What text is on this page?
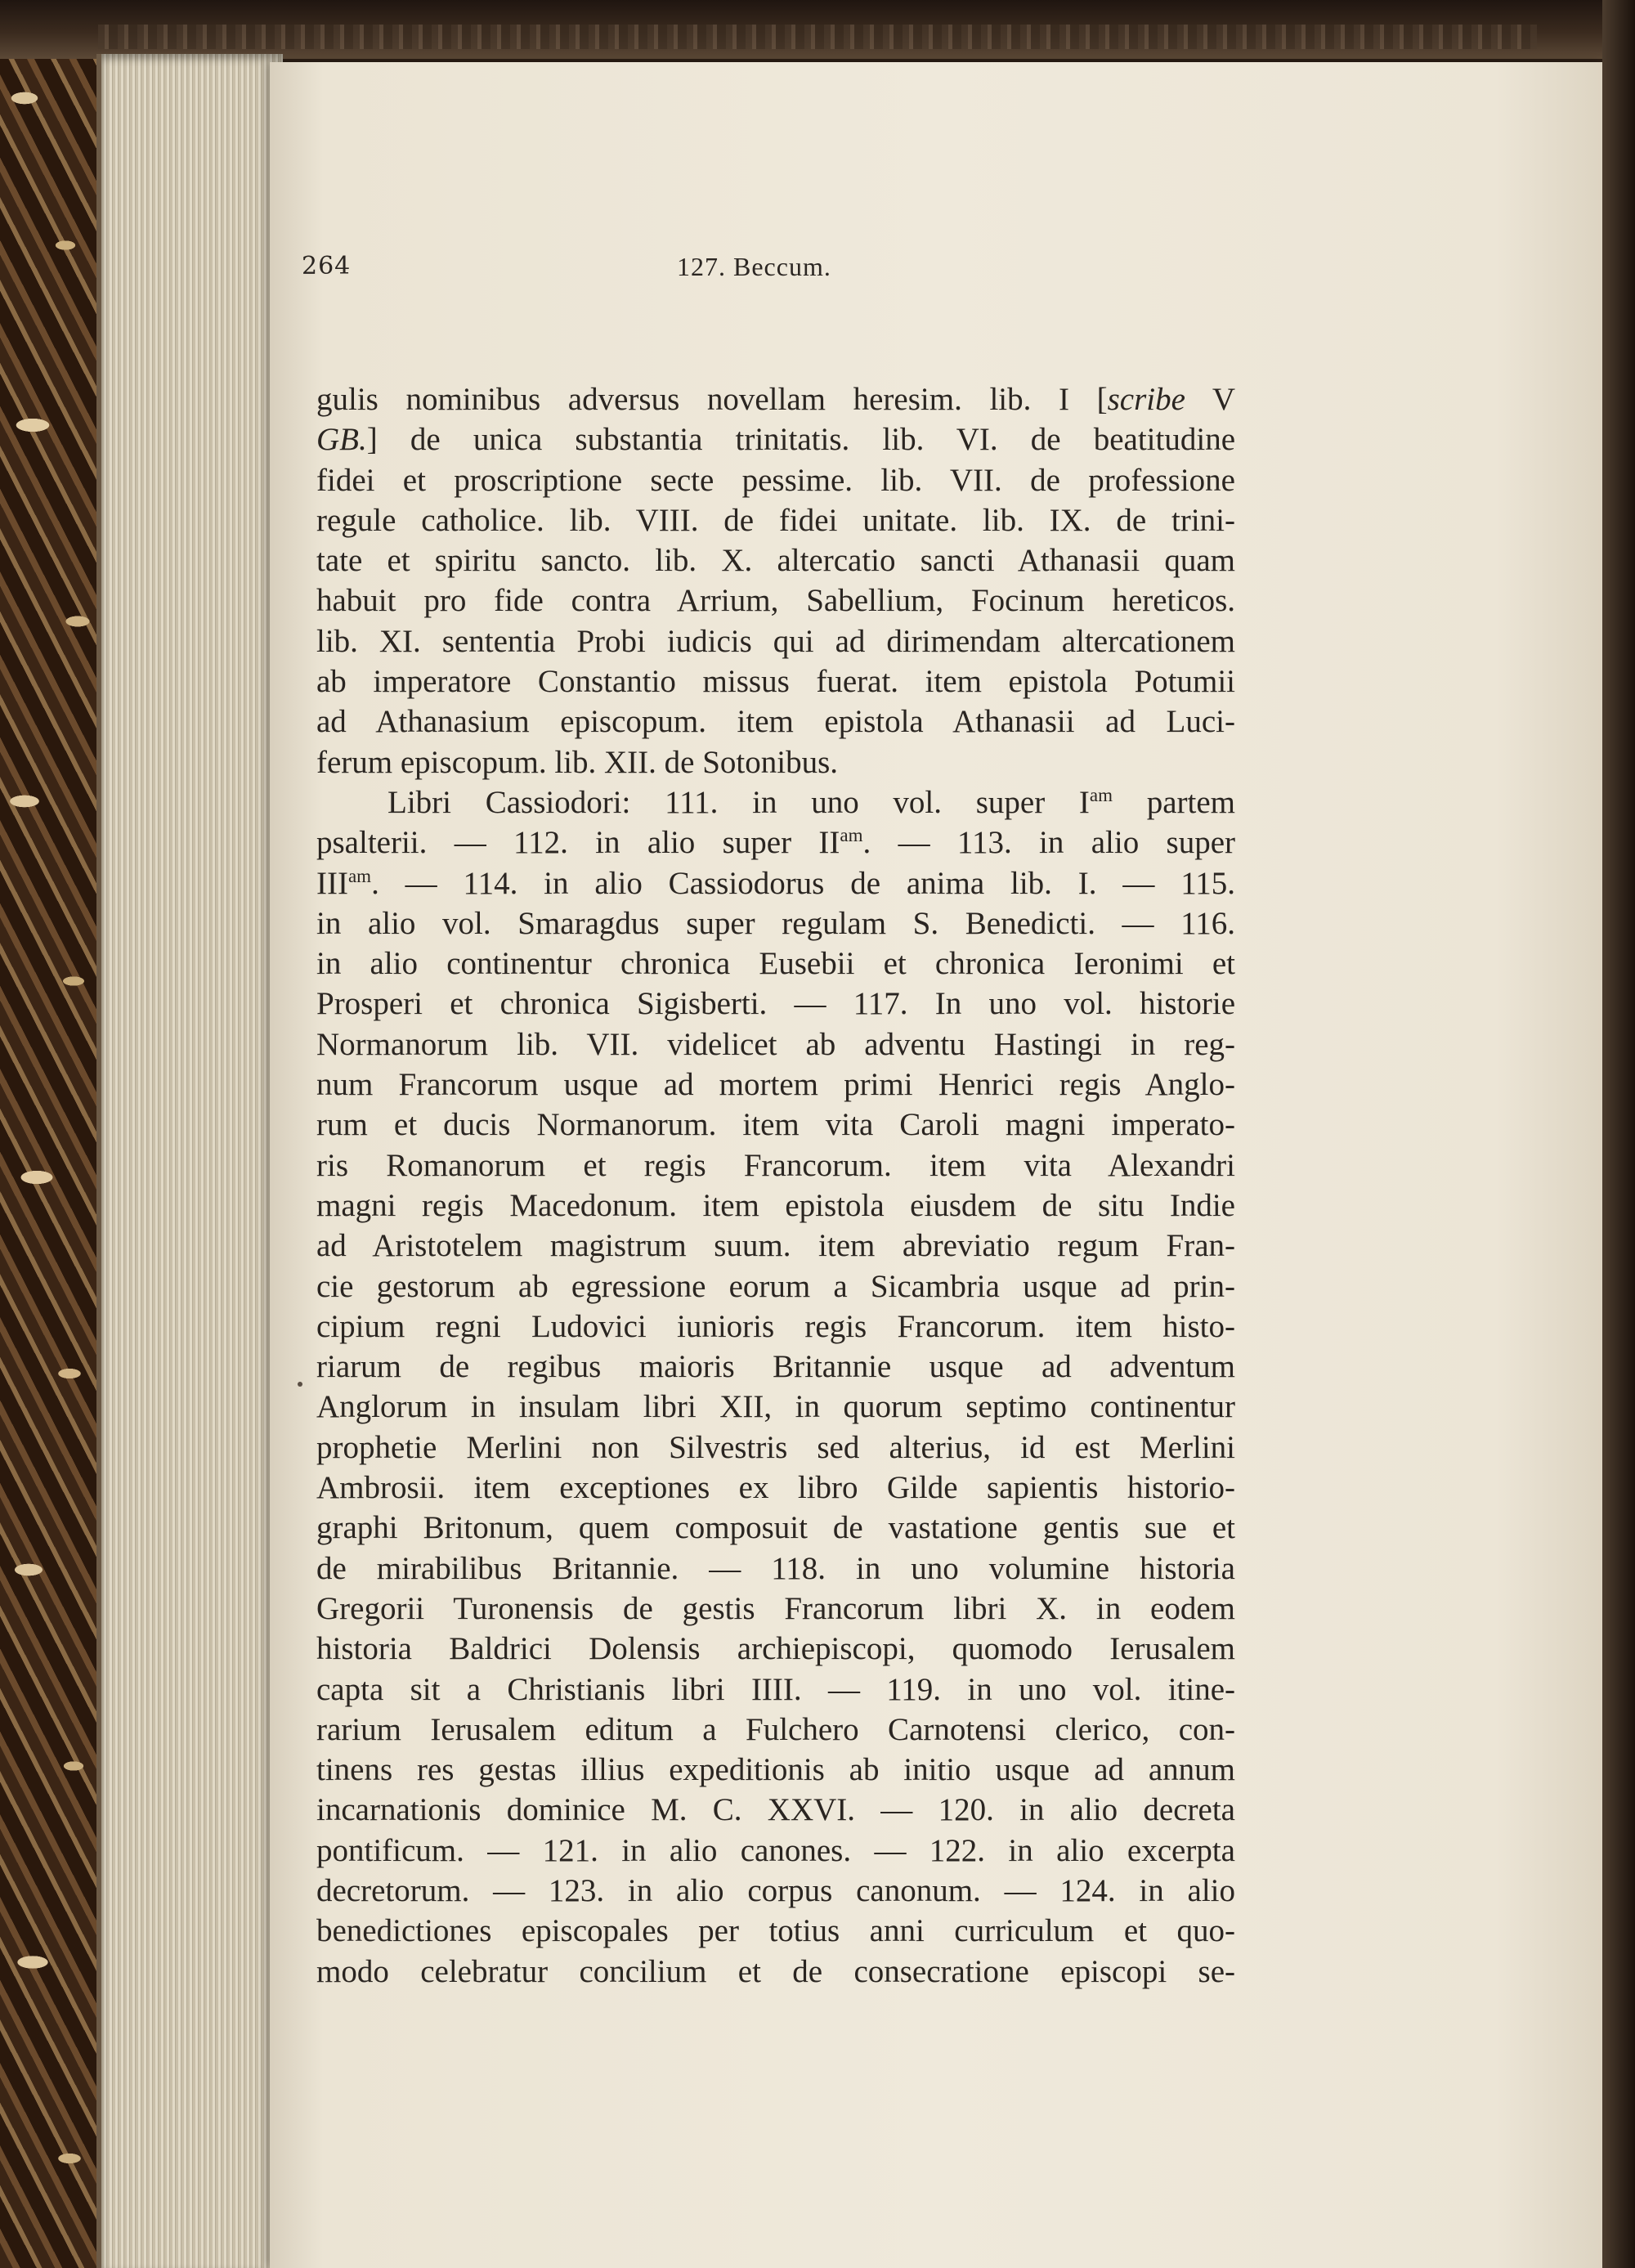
264	127. Beccum.
gulis nominibus adversus novellam heresim. lib. I [scribe V
GB.] de unica substantia trinitatis. lib. VI. de beatitudine
fidei et proscriptione secte pessime. lib. VII. de professione
regule catholice. lib. VIII. de fidei unitate. lib. IX. de trini-
tate et spiritu sancto. lib. X. altercatio sancti Athanasii quam
habuit pro fide contra Arrium, Sabellium, Focinum hereticos.
lib. XI. sententia Probi iudicis qui ad dirimendam altercationem
ab imperatore Constantio missus fuerat. item epistola Potumii
ad Athanasium episcopum. item epistola Athanasii ad Luci-
ferum episcopum. lib. XII. de Sotonibus.
Libri Cassiodori: 111. in uno vol. super $I^{am}$ partem
psalterii. — 112. in alio super $II^{am}$. — 113. in alio super
$III^{am}$. — 114. in alio Cassiodorus de anima lib. I. — 115.
in alio vol. Smaragdus super regulam S. Benedicti. — 116.
in alio continentur chronica Eusebii et chronica Ieronimi et
Prosperi et chronica Sigisberti. — 117. In uno vol. historie
Normanorum lib. VII. videlicet ab adventu Hastingi in reg-
num Francorum usque ad mortem primi Henrici regis Anglo-
rum et ducis Normanorum. item vita Caroli magni imperato-
ris Romanorum et regis Francorum. item vita Alexandri
magni regis Macedonum. item epistola eiusdem de situ Indie
ad Aristotelem magistrum suum. item abreviatio regum Fran-
cie gestorum ab egressione eorum a Sicambria usque ad prin-
cipium regni Ludovici iunioris regis Francorum. item histo-
riarum de regibus maioris Britannie usque ad adventum
Anglorum in insulam libri XII, in quorum septimo continentur
prophetie Merlini non Silvestris sed alterius, id est Merlini
Ambrosii. item exceptiones ex libro Gilde sapientis historio-
graphi Britonum, quem composuit de vastatione gentis sue et
de mirabilibus Britannie. — 118. in uno volumine historia
Gregorii Turonensis de gestis Francorum libri X. in eodem
historia Baldrici Dolensis archiepiscopi, quomodo Ierusalem
capta sit a Christianis libri IIII. — 119. in uno vol. itine-
rarium Ierusalem editum a Fulchero Carnotensi clerico, con-
tinens res gestas illius expeditionis ab initio usque ad annum
incarnationis dominice M. C. XXVI. — 120. in alio decreta
pontificum. — 121. in alio canones. — 122. in alio excerpta
decretorum. — 123. in alio corpus canonum. — 124. in alio
benedictiones episcopales per totius anni curriculum et quo-
modo celebratur concilium et de consecratione episcopi se-
